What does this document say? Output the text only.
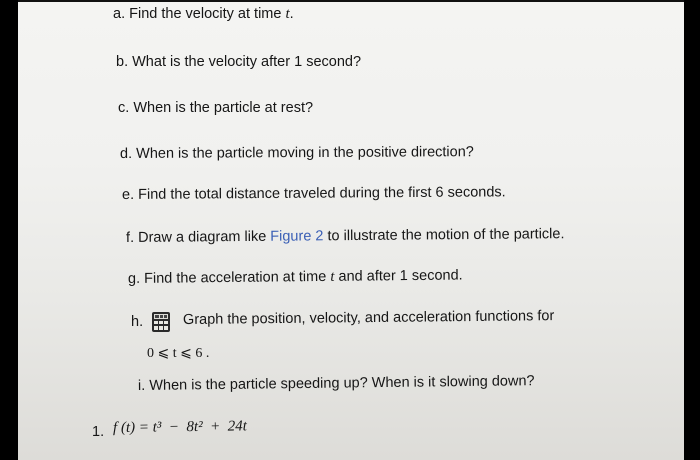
a. Find the velocity at time t.
b. What is the velocity after 1 second?
c. When is the particle at rest?
d. When is the particle moving in the positive direction?
e. Find the total distance traveled during the first 6 seconds.
f. Draw a diagram like Figure 2 to illustrate the motion of the particle.
g. Find the acceleration at time t and after 1 second.
h.	Graph the position, velocity, and acceleration functions for
0 ⩽ t ⩽ 6 .
i. When is the particle speeding up? When is it slowing down?
1. f (t) = t³  −  8t²  +  24t
